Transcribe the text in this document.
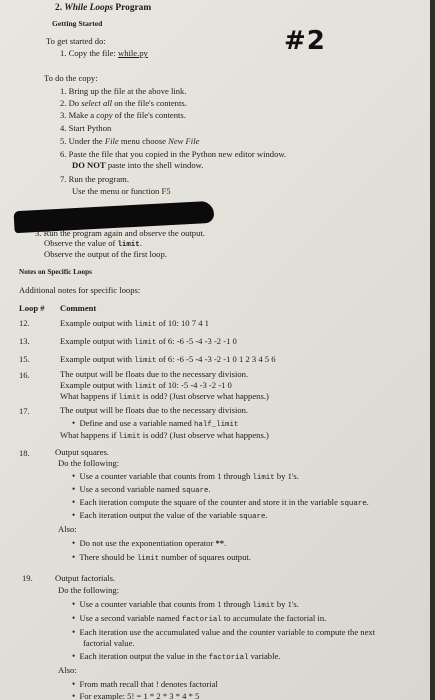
2. While Loops Program
Getting Started
To get started do:
1. Copy the file: while.py	#2
To do the copy:
1. Bring up the file at the above link.
2. Do select all on the file's contents.
3. Make a copy of the file's contents.
4. Start Python
5. Under the File menu choose New File
6. Paste the file that you copied in the Python new editor window.
DO NOT paste into the shell window.
7. Run the program.
Use the menu or function F5
3. Run the program again and observe the output.
Observe the value of limit.
Observe the output of the first loop.
Notes on Specific Loops
Additional notes for specific loops:
Loop # Comment
12.	Example output with limit of 10: 10 7 4 1
13.	Example output with limit of 6: -6 -5 -4 -3 -2 -1 0
15.	Example output with limit of 6: -6 -5 -4 -3 -2 -1 0 1 2 3 4 5 6
16.	The output will be floats due to the necessary division.
Example output with limit of 10: -5 -4 -3 -2 -1 0
What happens if limit is odd? (Just observe what happens.)
17.	The output will be floats due to the necessary division.
• Define and use a variable named half_limit
What happens if limit is odd? (Just observe what happens.)
18.	Output squares.
Do the following:
• Use a counter variable that counts from 1 through limit by 1's.
• Use a second variable named square.
• Each iteration compute the square of the counter and store it in the variable square.
• Each iteration output the value of the variable square.
Also:
• Do not use the exponentiation operator **.
• There should be limit number of squares output.
19.	Output factorials.
Do the following:
• Use a counter variable that counts from 1 through limit by 1's.
• Use a second variable named factorial to accumulate the factorial in.
• Each iteration use the accumulated value and the counter variable to compute the next
factorial value.
• Each iteration output the value in the factorial variable.
Also:
• From math recall that ! denotes factorial
• For example: 5! = 1 * 2 * 3 * 4 * 5
